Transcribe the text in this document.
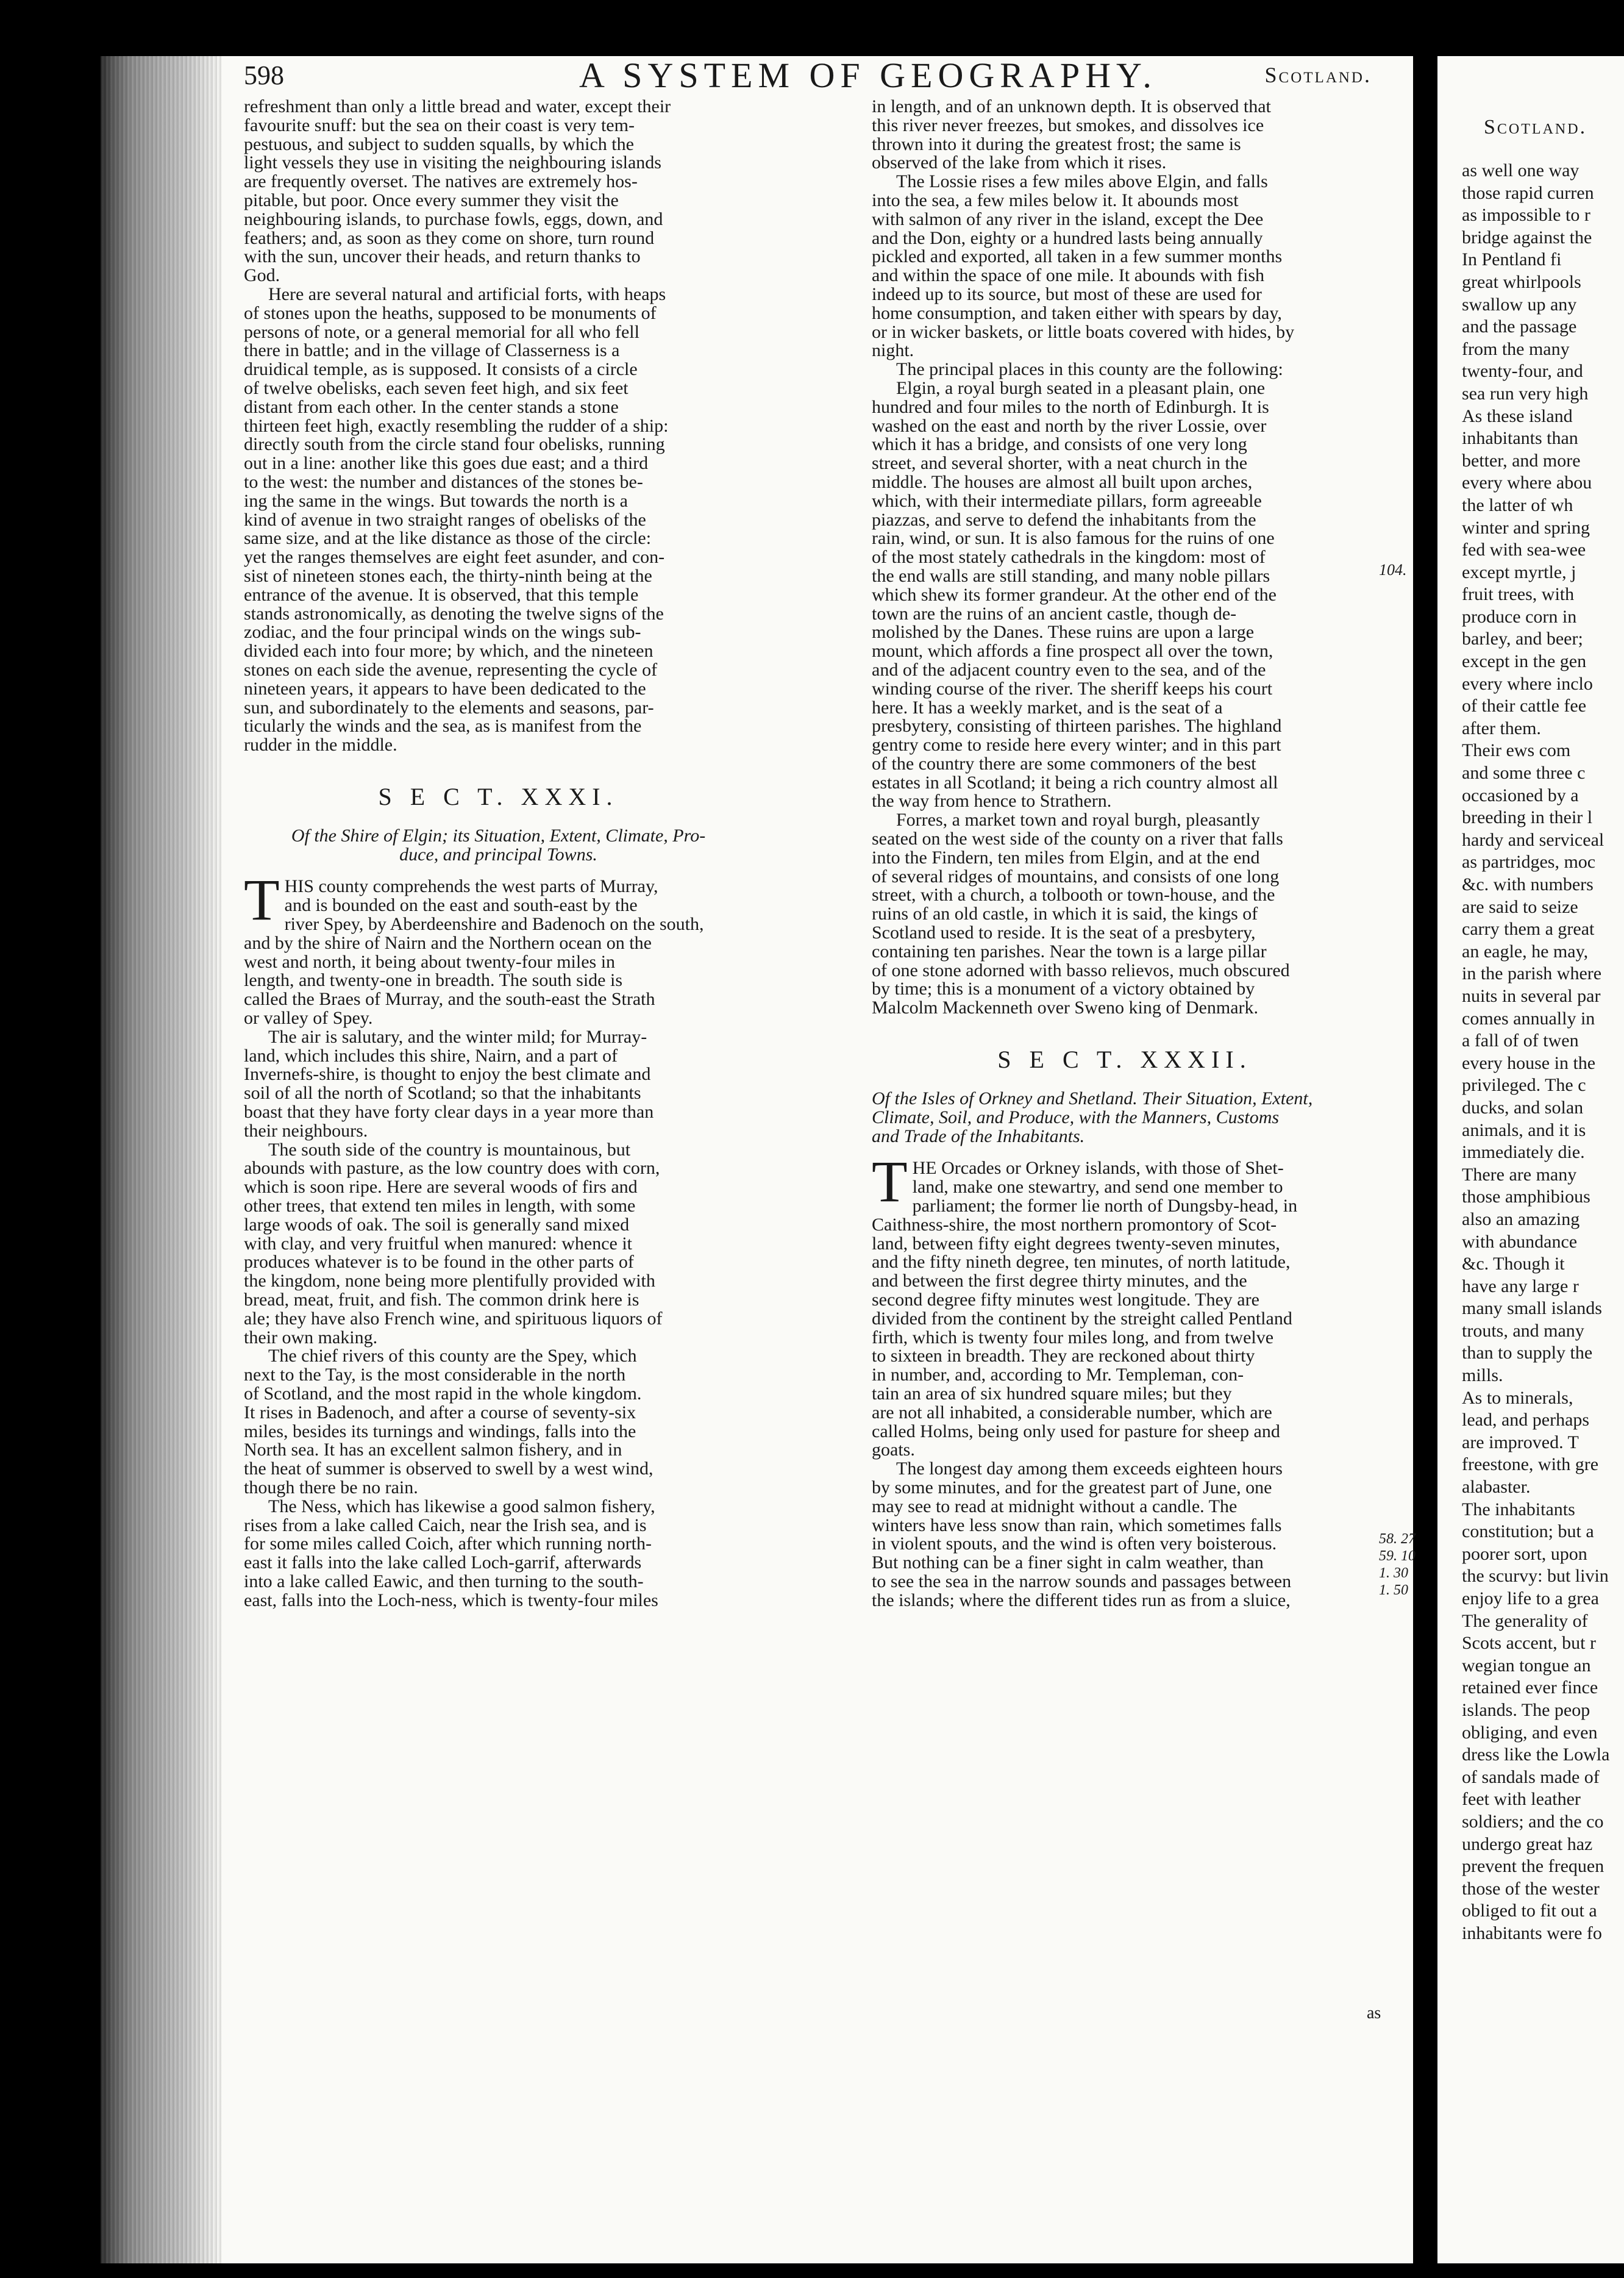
Scotland.
as well one way
those rapid curren
as impossible to r
bridge against the
In Pentland fi
great whirlpools
swallow up any
and the passage
from the many
twenty-four, and
sea run very high
As these island
inhabitants than
better, and more
every where abou
the latter of wh
winter and spring
fed with sea-wee
except myrtle, j
fruit trees, with
produce corn in
barley, and beer;
except in the gen
every where inclo
of their cattle fee
after them.
Their ews com
and some three c
occasioned by a
breeding in their l
hardy and serviceal
as partridges, moc
&c. with numbers
are said to seize
carry them a great
an eagle, he may,
in the parish where
nuits in several par
comes annually in
a fall of of twen
every house in the
privileged. The c
ducks, and solan
animals, and it is
immediately die.
There are many
those amphibious
also an amazing
with abundance
&c. Though it
have any large r
many small islands
trouts, and many
than to supply the
mills.
As to minerals,
lead, and perhaps
are improved. T
freestone, with gre
alabaster.
The inhabitants
constitution; but a
poorer sort, upon
the scurvy: but livin
enjoy life to a grea
The generality of
Scots accent, but r
wegian tongue an
retained ever fince
islands. The peop
obliging, and even
dress like the Lowla
of sandals made of
feet with leather
soldiers; and the co
undergo great haz
prevent the frequen
those of the wester
obliged to fit out a
inhabitants were fo
598	A SYSTEM OF GEOGRAPHY.	Scotland.
refreshment than only a little bread and water, except their
favourite snuff: but the sea on their coast is very tem-
pestuous, and subject to sudden squalls, by which the
light vessels they use in visiting the neighbouring islands
are frequently overset. The natives are extremely hos-
pitable, but poor. Once every summer they visit the
neighbouring islands, to purchase fowls, eggs, down, and
feathers; and, as soon as they come on shore, turn round
with the sun, uncover their heads, and return thanks to
God.
Here are several natural and artificial forts, with heaps
of stones upon the heaths, supposed to be monuments of
persons of note, or a general memorial for all who fell
there in battle; and in the village of Classerness is a
druidical temple, as is supposed. It consists of a circle
of twelve obelisks, each seven feet high, and six feet
distant from each other. In the center stands a stone
thirteen feet high, exactly resembling the rudder of a ship:
directly south from the circle stand four obelisks, running
out in a line: another like this goes due east; and a third
to the west: the number and distances of the stones be-
ing the same in the wings. But towards the north is a
kind of avenue in two straight ranges of obelisks of the
same size, and at the like distance as those of the circle:
yet the ranges themselves are eight feet asunder, and con-
sist of nineteen stones each, the thirty-ninth being at the
entrance of the avenue. It is observed, that this temple
stands astronomically, as denoting the twelve signs of the
zodiac, and the four principal winds on the wings sub-
divided each into four more; by which, and the nineteen
stones on each side the avenue, representing the cycle of
nineteen years, it appears to have been dedicated to the
sun, and subordinately to the elements and seasons, par-
ticularly the winds and the sea, as is manifest from the
rudder in the middle.
S E C T. XXXI.
Of the Shire of Elgin; its Situation, Extent, Climate, Pro-
duce, and principal Towns.
T HIS county comprehends the west parts of Murray,
and is bounded on the east and south-east by the
river Spey, by Aberdeenshire and Badenoch on the south,
and by the shire of Nairn and the Northern ocean on the
west and north, it being about twenty-four miles in
length, and twenty-one in breadth. The south side is
called the Braes of Murray, and the south-east the Strath
or valley of Spey.
The air is salutary, and the winter mild; for Murray-
land, which includes this shire, Nairn, and a part of
Invernefs-shire, is thought to enjoy the best climate and
soil of all the north of Scotland; so that the inhabitants
boast that they have forty clear days in a year more than
their neighbours.
The south side of the country is mountainous, but
abounds with pasture, as the low country does with corn,
which is soon ripe. Here are several woods of firs and
other trees, that extend ten miles in length, with some
large woods of oak. The soil is generally sand mixed
with clay, and very fruitful when manured: whence it
produces whatever is to be found in the other parts of
the kingdom, none being more plentifully provided with
bread, meat, fruit, and fish. The common drink here is
ale; they have also French wine, and spirituous liquors of
their own making.
The chief rivers of this county are the Spey, which
next to the Tay, is the most considerable in the north
of Scotland, and the most rapid in the whole kingdom.
It rises in Badenoch, and after a course of seventy-six
miles, besides its turnings and windings, falls into the
North sea. It has an excellent salmon fishery, and in
the heat of summer is observed to swell by a west wind,
though there be no rain.
The Ness, which has likewise a good salmon fishery,
rises from a lake called Caich, near the Irish sea, and is
for some miles called Coich, after which running north-
east it falls into the lake called Loch-garrif, afterwards
into a lake called Eawic, and then turning to the south-
east, falls into the Loch-ness, which is twenty-four miles
in length, and of an unknown depth. It is observed that
this river never freezes, but smokes, and dissolves ice
thrown into it during the greatest frost; the same is
observed of the lake from which it rises.
The Lossie rises a few miles above Elgin, and falls
into the sea, a few miles below it. It abounds most
with salmon of any river in the island, except the Dee
and the Don, eighty or a hundred lasts being annually
pickled and exported, all taken in a few summer months
and within the space of one mile. It abounds with fish
indeed up to its source, but most of these are used for
home consumption, and taken either with spears by day,
or in wicker baskets, or little boats covered with hides, by
night.
The principal places in this county are the following:
Elgin, a royal burgh seated in a pleasant plain, one
hundred and four miles to the north of Edinburgh. It is
washed on the east and north by the river Lossie, over
which it has a bridge, and consists of one very long
street, and several shorter, with a neat church in the
middle. The houses are almost all built upon arches,
which, with their intermediate pillars, form agreeable
piazzas, and serve to defend the inhabitants from the
rain, wind, or sun. It is also famous for the ruins of one
of the most stately cathedrals in the kingdom: most of
the end walls are still standing, and many noble pillars
which shew its former grandeur. At the other end of the
town are the ruins of an ancient castle, though de-
molished by the Danes. These ruins are upon a large
mount, which affords a fine prospect all over the town,
and of the adjacent country even to the sea, and of the
winding course of the river. The sheriff keeps his court
here. It has a weekly market, and is the seat of a
presbytery, consisting of thirteen parishes. The highland
gentry come to reside here every winter; and in this part
of the country there are some commoners of the best
estates in all Scotland; it being a rich country almost all
the way from hence to Strathern.
Forres, a market town and royal burgh, pleasantly
seated on the west side of the county on a river that falls
into the Findern, ten miles from Elgin, and at the end
of several ridges of mountains, and consists of one long
street, with a church, a tolbooth or town-house, and the
ruins of an old castle, in which it is said, the kings of
Scotland used to reside. It is the seat of a presbytery,
containing ten parishes. Near the town is a large pillar
of one stone adorned with basso relievos, much obscured
by time; this is a monument of a victory obtained by
Malcolm Mackenneth over Sweno king of Denmark.
S E C T. XXXII.
Of the Isles of Orkney and Shetland. Their Situation, Extent,
Climate, Soil, and Produce, with the Manners, Customs
and Trade of the Inhabitants.
T HE Orcades or Orkney islands, with those of Shet-
land, make one stewartry, and send one member to
parliament; the former lie north of Dungsby-head, in
Caithness-shire, the most northern promontory of Scot-
land, between fifty eight degrees twenty-seven minutes,
and the fifty nineth degree, ten minutes, of north latitude,
and between the first degree thirty minutes, and the
second degree fifty minutes west longitude. They are
divided from the continent by the streight called Pentland
firth, which is twenty four miles long, and from twelve
to sixteen in breadth. They are reckoned about thirty
in number, and, according to Mr. Templeman, con-
tain an area of six hundred square miles; but they
are not all inhabited, a considerable number, which are
called Holms, being only used for pasture for sheep and
goats.
The longest day among them exceeds eighteen hours
by some minutes, and for the greatest part of June, one
may see to read at midnight without a candle. The
winters have less snow than rain, which sometimes falls
in violent spouts, and the wind is often very boisterous.
But nothing can be a finer sight in calm weather, than
to see the sea in the narrow sounds and passages between
the islands; where the different tides run as from a sluice,
104.
58. 27
59. 10
1. 30
1. 50
as
